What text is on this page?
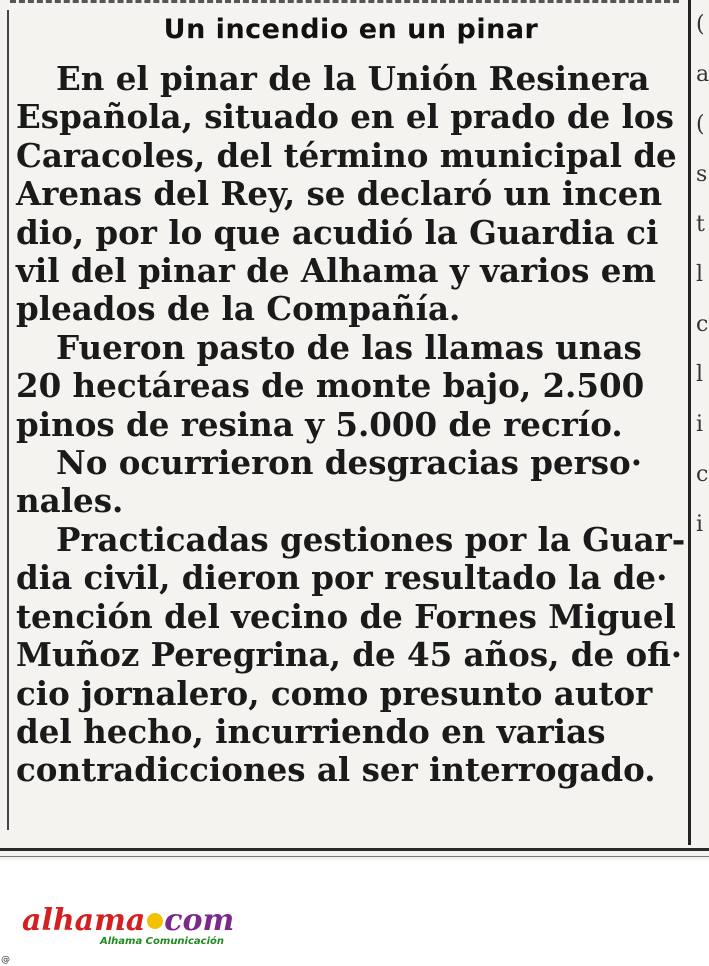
(
a
(
s
t
l
c
l
i
c
i
Un incendio en un pinar

En el pinar de la Unión Resinera
Española, situado en el prado de los
Caracoles, del término municipal de
Arenas del Rey, se declaró un incen
dio, por lo que acudió la Guardia ci
vil del pinar de Alhama y varios em
pleados de la Compañía.

Fueron pasto de las llamas unas
20 hectáreas de monte bajo, 2.500
pinos de resina y 5.000 de recrío.

No ocurrieron desgracias perso·
nales.

Practicadas gestiones por la Guar-
dia civil, dieron por resultado la de·
tención del vecino de Fornes Miguel
Muñoz Peregrina, de 45 años, de ofi·
cio jornalero, como presunto autor
del hecho, incurriendo en varias
contradicciones al ser interrogado.

alhama com
Alhama Comunicación
@
